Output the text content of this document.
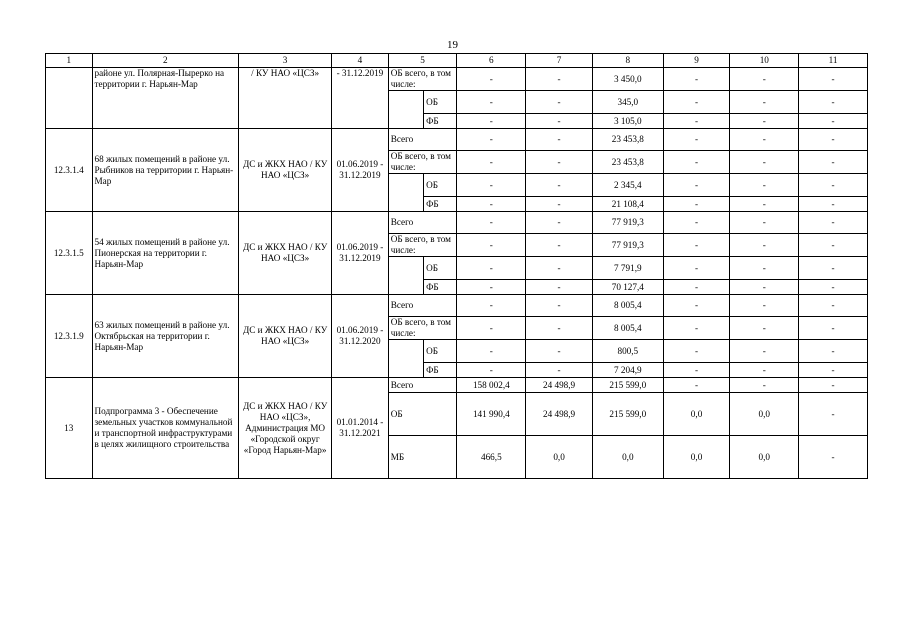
19
1	2	3	4	5		6	7	8	9	10	11
	районе ул. Полярная-Пырерко на территории г. Нарьян-Мар	/ КУ НАО «ЦСЗ»	- 31.12.2019	ОБ всего, в том числе:		-	-	3 450,0	-	-	-
					ОБ	-	-	345,0	-	-	-
					ФБ	-	-	3 105,0	-	-	-
12.3.1.4	68 жилых помещений в районе ул. Рыбников на территории г. Нарьян-Мар	ДС и ЖКХ НАО / КУ НАО «ЦСЗ»	01.06.2019 - 31.12.2019	Всего		-	-	23 453,8	-	-	-
				ОБ всего, в том числе:		-	-	23 453,8	-	-	-
					ОБ	-	-	2 345,4	-	-	-
					ФБ	-	-	21 108,4	-	-	-
12.3.1.5	54 жилых помещений в районе ул. Пионерская на территории г. Нарьян-Мар	ДС и ЖКХ НАО / КУ НАО «ЦСЗ»	01.06.2019 - 31.12.2019	Всего		-	-	77 919,3	-	-	-
				ОБ всего, в том числе:		-	-	77 919,3	-	-	-
					ОБ	-	-	7 791,9	-	-	-
					ФБ	-	-	70 127,4	-	-	-
12.3.1.9	63 жилых помещений в районе ул. Октябрьская на территории г. Нарьян-Мар	ДС и ЖКХ НАО / КУ НАО «ЦСЗ»	01.06.2019 - 31.12.2020	Всего		-	-	8 005,4	-	-	-
				ОБ всего, в том числе:		-	-	8 005,4	-	-	-
					ОБ	-	-	800,5	-	-	-
					ФБ	-	-	7 204,9	-	-	-
13	Подпрограмма 3 - Обеспечение земельных участков коммунальной и транспортной инфраструктурами в целях жилищного строительства	ДС и ЖКХ НАО / КУ НАО «ЦСЗ», Администрация МО «Городской округ «Город Нарьян-Мар»	01.01.2014 - 31.12.2021	Всего		158 002,4	24 498,9	215 599,0	-	-	-
				ОБ		141 990,4	24 498,9	215 599,0	0,0	0,0	-
				МБ		466,5	0,0	0,0	0,0	0,0	-
